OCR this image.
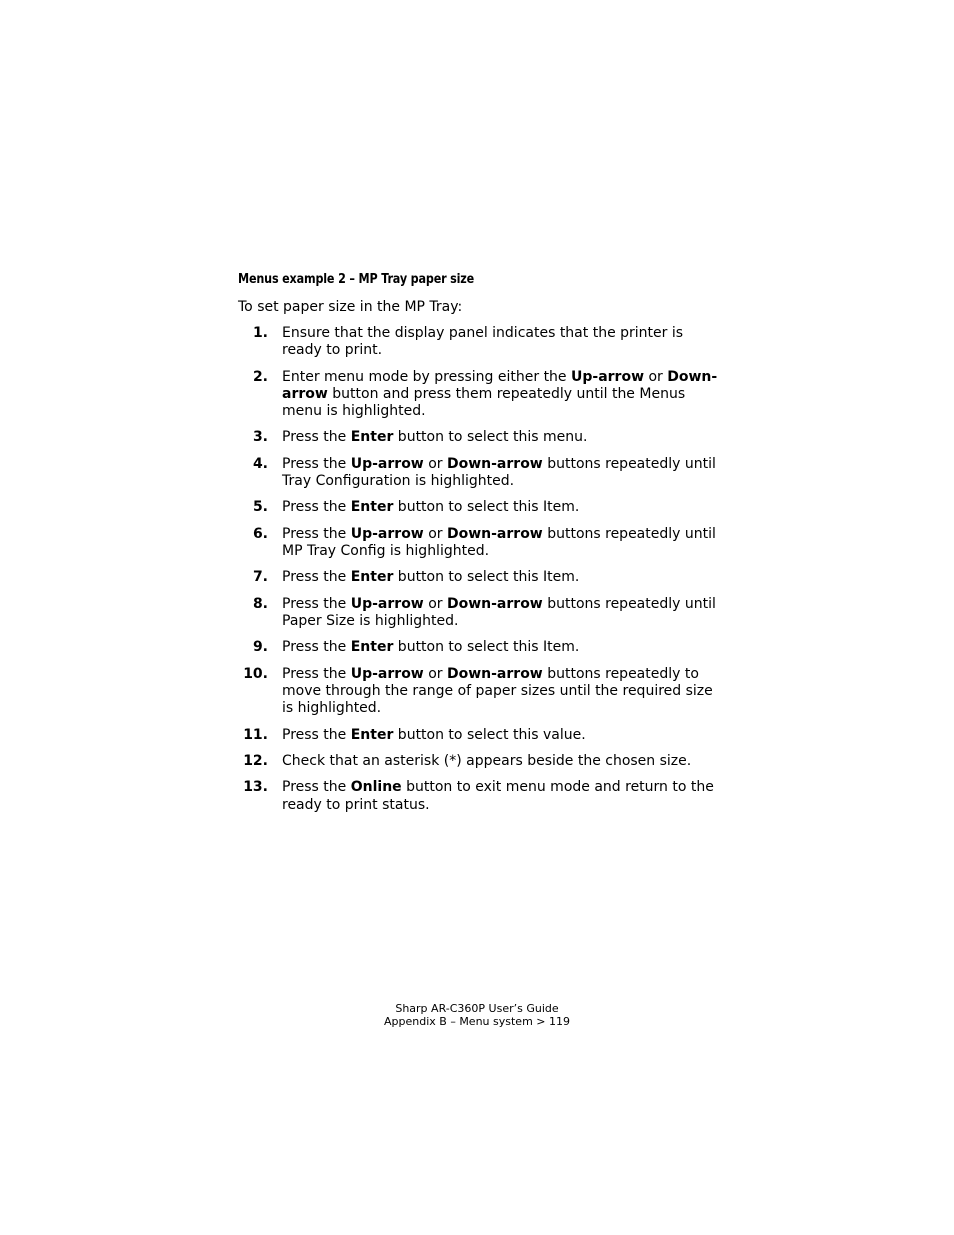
Menus example 2 – MP Tray paper size
To set paper size in the MP Tray:
1. Ensure that the display panel indicates that the printer is ready to print.
2. Enter menu mode by pressing either the Up-arrow or Down-arrow button and press them repeatedly until the Menus menu is highlighted.
3. Press the Enter button to select this menu.
4. Press the Up-arrow or Down-arrow buttons repeatedly until Tray Configuration is highlighted.
5. Press the Enter button to select this Item.
6. Press the Up-arrow or Down-arrow buttons repeatedly until MP Tray Config is highlighted.
7. Press the Enter button to select this Item.
8. Press the Up-arrow or Down-arrow buttons repeatedly until Paper Size is highlighted.
9. Press the Enter button to select this Item.
10. Press the Up-arrow or Down-arrow buttons repeatedly to move through the range of paper sizes until the required size is highlighted.
11. Press the Enter button to select this value.
12. Check that an asterisk (*) appears beside the chosen size.
13. Press the Online button to exit menu mode and return to the ready to print status.
Sharp AR-C360P User’s Guide
Appendix B – Menu system > 119
